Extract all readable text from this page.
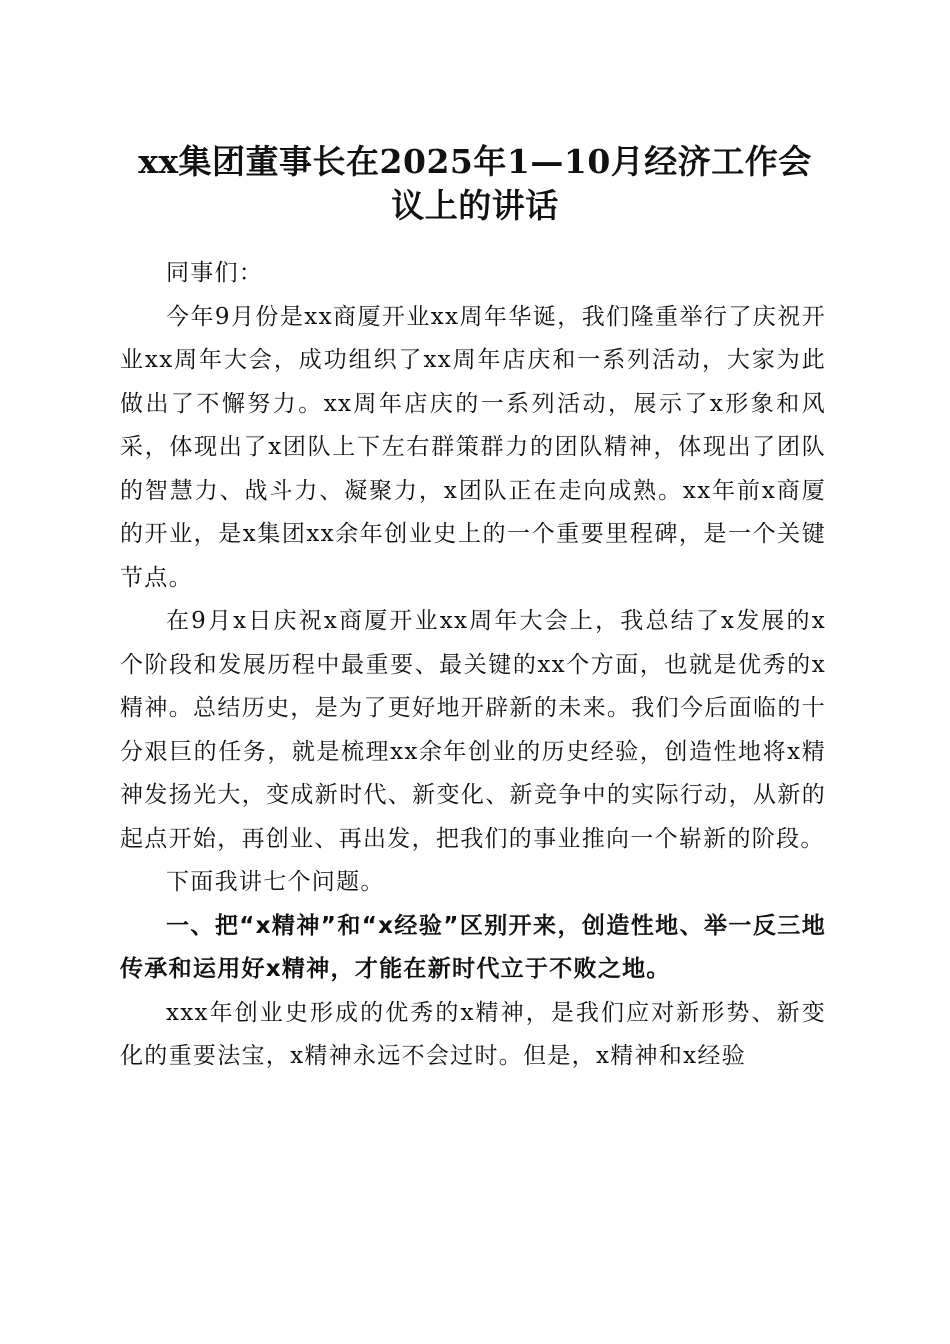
xx集团董事长在2025年1—10月经济工作会
议上的讲话

同事们：

今年9月份是xx商厦开业xx周年华诞，我们隆重举行了庆祝开业xx周年大会，成功组织了xx周年店庆和一系列活动，大家为此做出了不懈努力。xx周年店庆的一系列活动，展示了x形象和风采，体现出了x团队上下左右群策群力的团队精神，体现出了团队的智慧力、战斗力、凝聚力，x团队正在走向成熟。xx年前x商厦的开业，是x集团xx余年创业史上的一个重要里程碑，是一个关键节点。

在9月x日庆祝x商厦开业xx周年大会上，我总结了x发展的x个阶段和发展历程中最重要、最关键的xx个方面，也就是优秀的x精神。总结历史，是为了更好地开辟新的未来。我们今后面临的十分艰巨的任务，就是梳理xx余年创业的历史经验，创造性地将x精神发扬光大，变成新时代、新变化、新竞争中的实际行动，从新的起点开始，再创业、再出发，把我们的事业推向一个崭新的阶段。

下面我讲七个问题。

一、把“x精神”和“x经验”区别开来，创造性地、举一反三地传承和运用好x精神，才能在新时代立于不败之地。

xxx年创业史形成的优秀的x精神，是我们应对新形势、新变化的重要法宝，x精神永远不会过时。但是，x精神和x经验
